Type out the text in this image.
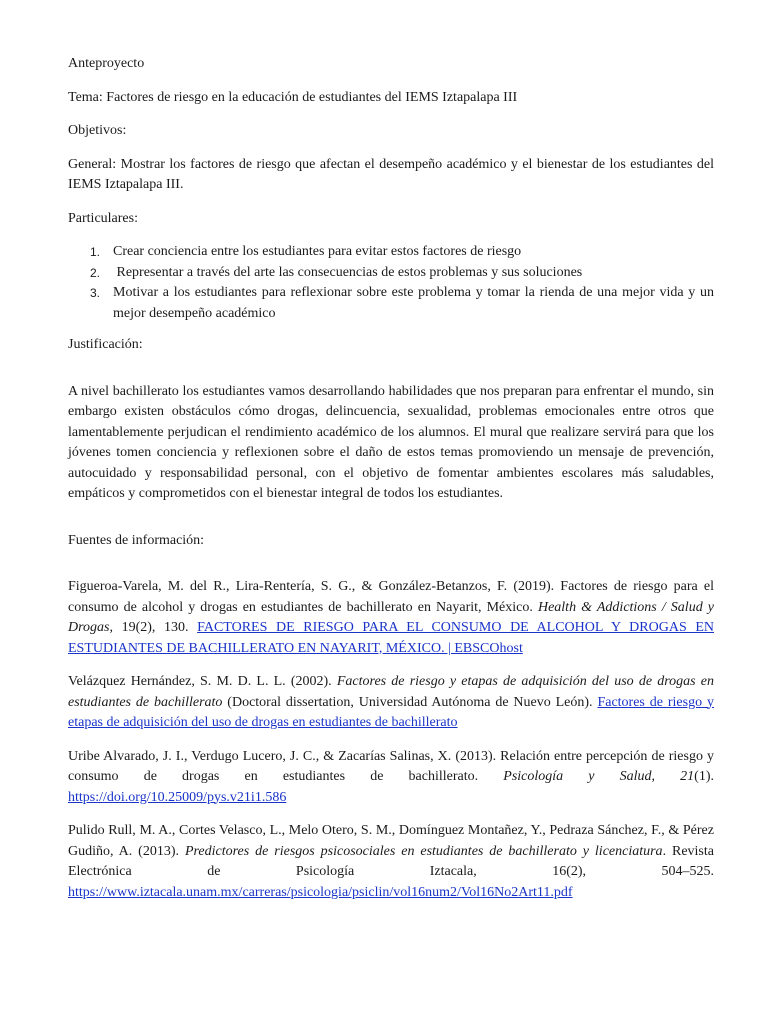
Anteproyecto

Tema: Factores de riesgo en la educación de estudiantes del IEMS Iztapalapa III

Objetivos:

General: Mostrar los factores de riesgo que afectan el desempeño académico y el bienestar de los estudiantes del IEMS Iztapalapa III.

Particulares:

1. Crear conciencia entre los estudiantes para evitar estos factores de riesgo
2. Representar a través del arte las consecuencias de estos problemas y sus soluciones
3. Motivar a los estudiantes para reflexionar sobre este problema y tomar la rienda de una mejor vida y un mejor desempeño académico

Justificación:

A nivel bachillerato los estudiantes vamos desarrollando habilidades que nos preparan para enfrentar el mundo, sin embargo existen obstáculos cómo drogas, delincuencia, sexualidad, problemas emocionales entre otros que lamentablemente perjudican el rendimiento académico de los alumnos. El mural que realizare servirá para que los jóvenes tomen conciencia y reflexionen sobre el daño de estos temas promoviendo un mensaje de prevención, autocuidado y responsabilidad personal, con el objetivo de fomentar ambientes escolares más saludables, empáticos y comprometidos con el bienestar integral de todos los estudiantes.

Fuentes de información:

Figueroa-Varela, M. del R., Lira-Rentería, S. G., & González-Betanzos, F. (2019). Factores de riesgo para el consumo de alcohol y drogas en estudiantes de bachillerato en Nayarit, México. Health & Addictions / Salud y Drogas, 19(2), 130. FACTORES DE RIESGO PARA EL CONSUMO DE ALCOHOL Y DROGAS EN ESTUDIANTES DE BACHILLERATO EN NAYARIT, MÉXICO. | EBSCOhost

Velázquez Hernández, S. M. D. L. L. (2002). Factores de riesgo y etapas de adquisición del uso de drogas en estudiantes de bachillerato (Doctoral dissertation, Universidad Autónoma de Nuevo León). Factores de riesgo y etapas de adquisición del uso de drogas en estudiantes de bachillerato

Uribe Alvarado, J. I., Verdugo Lucero, J. C., & Zacarías Salinas, X. (2013). Relación entre percepción de riesgo y consumo de drogas en estudiantes de bachillerato. Psicología y Salud, 21(1). https://doi.org/10.25009/pys.v21i1.586

Pulido Rull, M. A., Cortes Velasco, L., Melo Otero, S. M., Domínguez Montañez, Y., Pedraza Sánchez, F., & Pérez Gudiño, A. (2013). Predictores de riesgos psicosociales en estudiantes de bachillerato y licenciatura. Revista Electrónica de Psicología Iztacala, 16(2), 504–525. https://www.iztacala.unam.mx/carreras/psicologia/psiclin/vol16num2/Vol16No2Art11.pdf
